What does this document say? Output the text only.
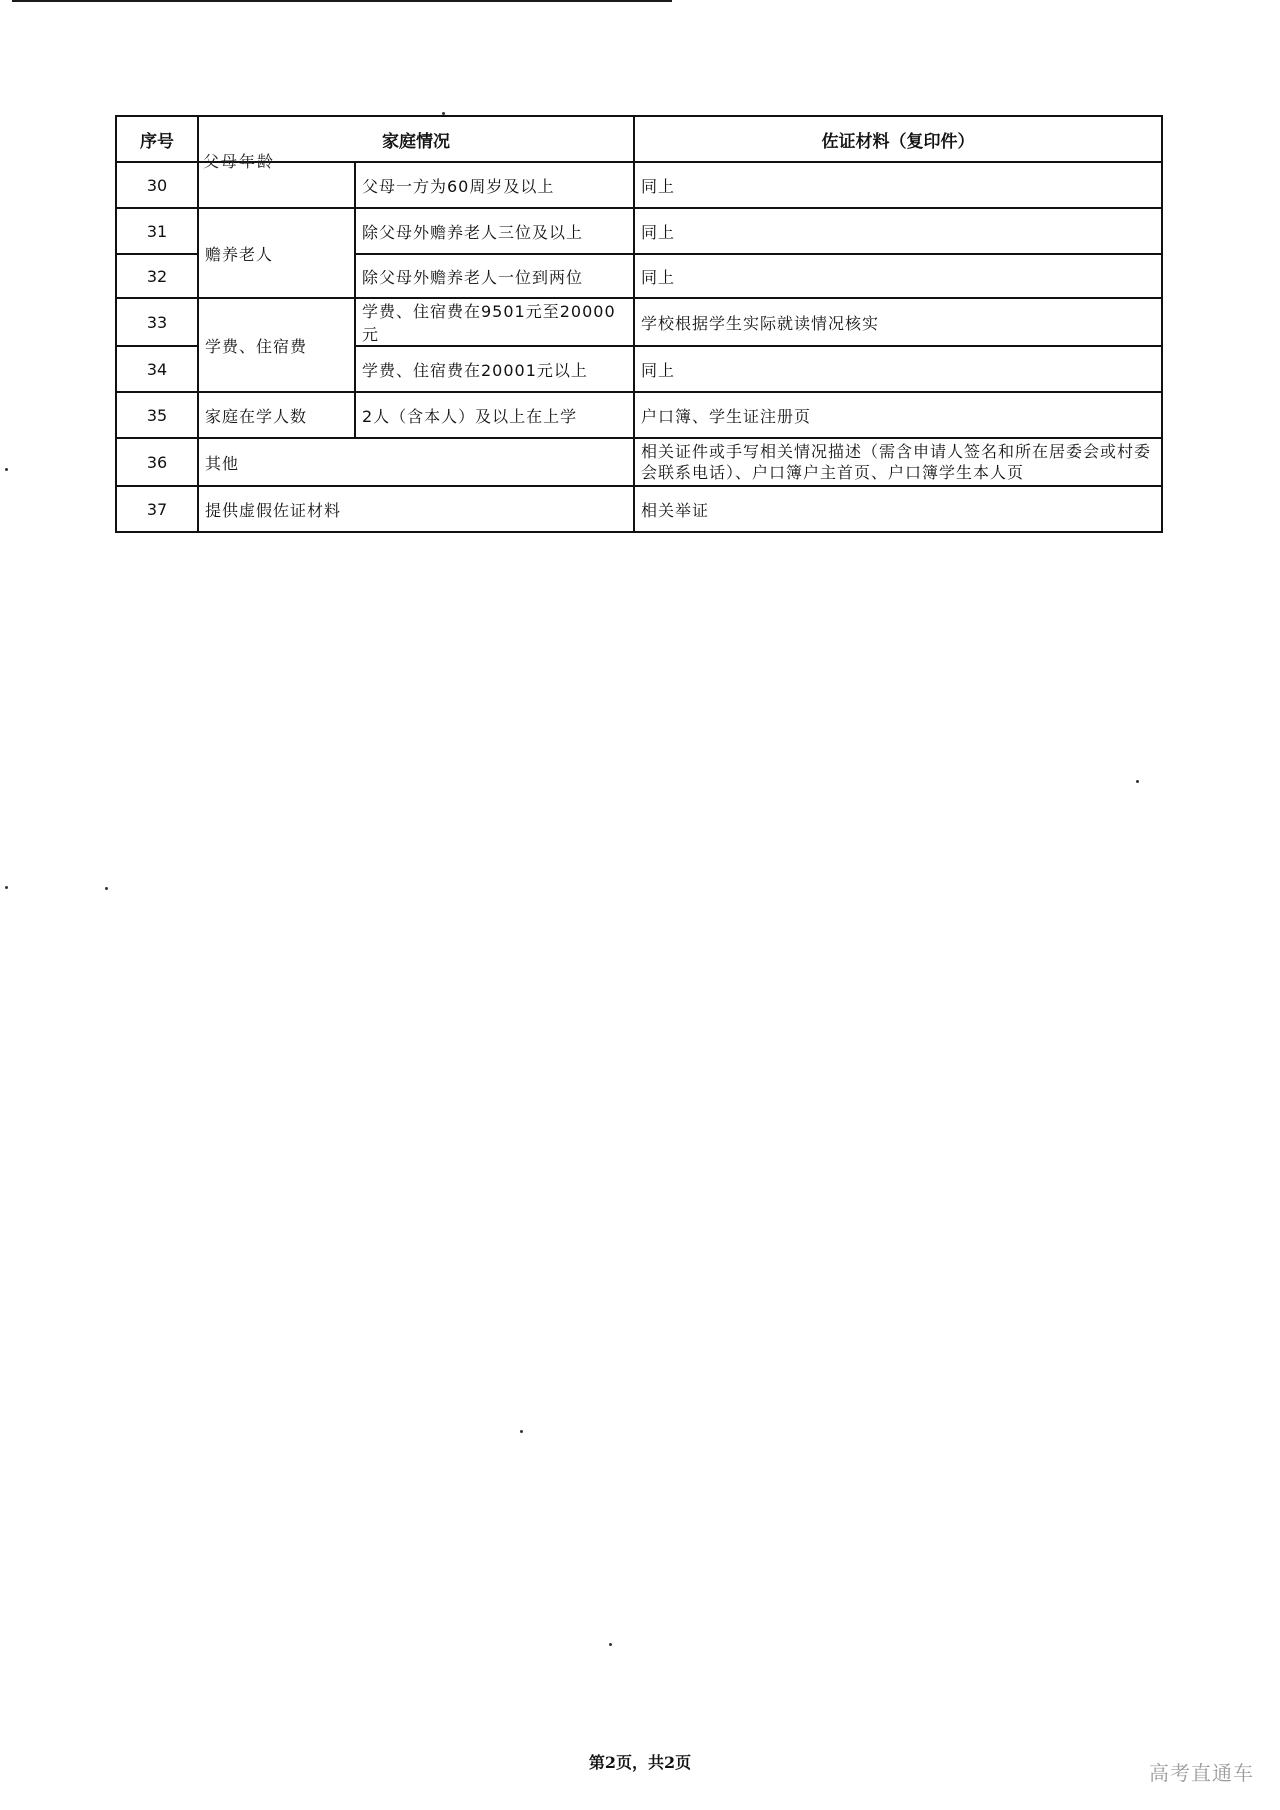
序号	家庭情况		佐证材料（复印件）
30	父母年龄	父母一方为60周岁及以上	同上
31	赡养老人	除父母外赡养老人三位及以上	同上
32		除父母外赡养老人一位到两位	同上
33	学费、住宿费	学费、住宿费在9501元至20000元	学校根据学生实际就读情况核实
34		学费、住宿费在20001元以上	同上
35	家庭在学人数	2人（含本人）及以上在上学	户口簿、学生证注册页
36	其他		相关证件或手写相关情况描述（需含申请人签名和所在居委会或村委会联系电话）、户口簿户主首页、户口簿学生本人页
37	提供虚假佐证材料		相关举证
第2页，共2页	高考直通车
